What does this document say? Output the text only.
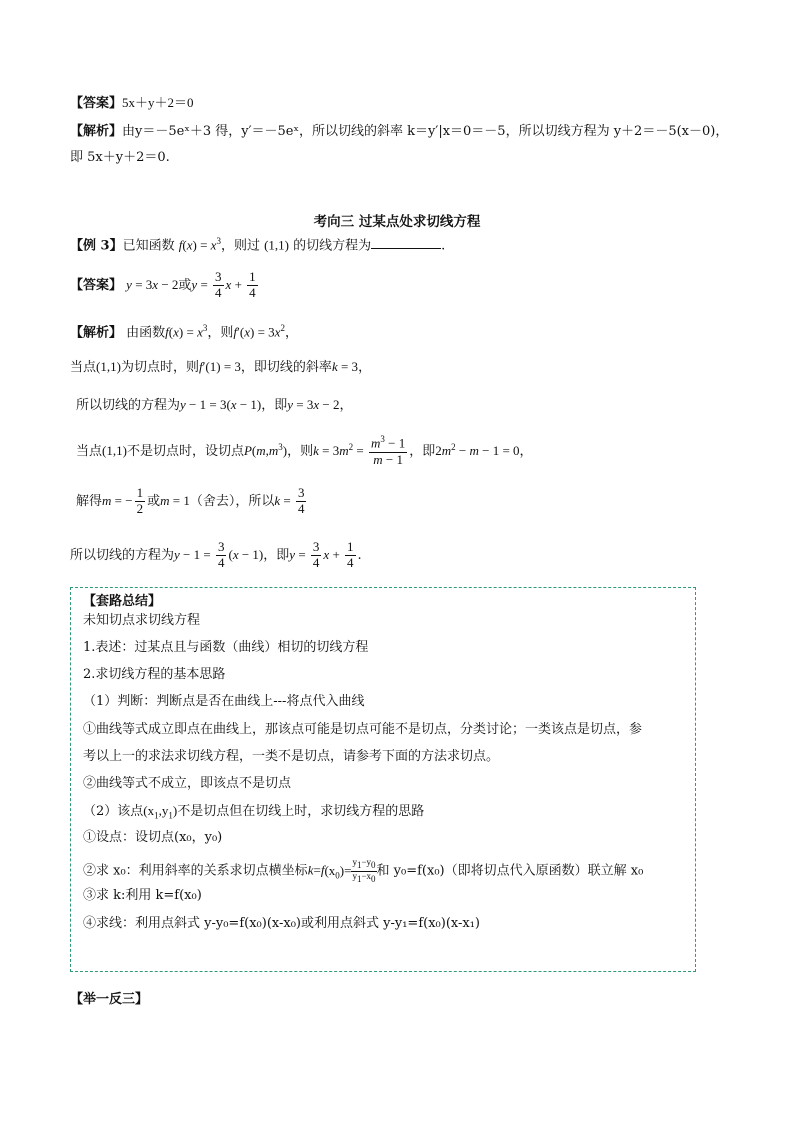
【答案】5x＋y＋2＝0
【解析】由y＝－5eˣ＋3 得，y′＝－5eˣ，所以切线的斜率 k＝y′|x＝0＝－5，所以切线方程为 y＋2＝－5(x－0)，
即 5x＋y＋2＝0.
考向三 过某点处求切线方程
【例 3】已知函数 $f(x) = x^3$，则过 (1,1) 的切线方程为	.
【答案】 y = 3x − 2或$y = \frac{3}{4}$ $x + \frac{1}{4}$
【解析】 由函数$f(x) = x^3$，则$f'(x) = 3x^2$，
当点(1,1)为切点时，则f′(1) = 3，即切线的斜率k = 3，
所以切线的方程为y − 1 = 3(x − 1)，即y = 3x − 2，
当点(1,1)不是切点时，设切点$P(m,m^3)$，则$k = 3m^2 = \frac{m^3 - 1}{m - 1}$ ，即$2m^2 - m - 1 = 0$，
解得m = − $\frac{1}{2}$ 或m = 1（舍去），所以$k = \frac{3}{4}$
所以切线的方程为$y - 1 = \frac{3}{4} (x - 1)$，即$y = \frac{3}{4}$ $x + \frac{1}{4}$ .
【套路总结】
未知切点求切线方程
1.表述：过某点且与函数（曲线）相切的切线方程
2.求切线方程的基本思路
（1）判断：判断点是否在曲线上---将点代入曲线
①曲线等式成立即点在曲线上，那该点可能是切点可能不是切点，分类讨论；一类该点是切点，参
考以上一的求法求切线方程，一类不是切点，请参考下面的方法求切点。
②曲线等式不成立，即该点不是切点
（2）该点$(x_1,y_1)$不是切点但在切线上时，求切线方程的思路
①设点：设切点(x₀，y₀)
②求 x₀：利用斜率的关系求切点横坐标$k=f(x_0)= \frac{y_1-y_0}{y_1-x_0}$ 和 y₀=f(x₀)（即将切点代入原函数）联立解 x₀
③求 k:利用 k=f(x₀)
④求线：利用点斜式 y-y₀=f(x₀)(x-x₀)或利用点斜式 y-y₁=f(x₀)(x-x₁)
【举一反三】
